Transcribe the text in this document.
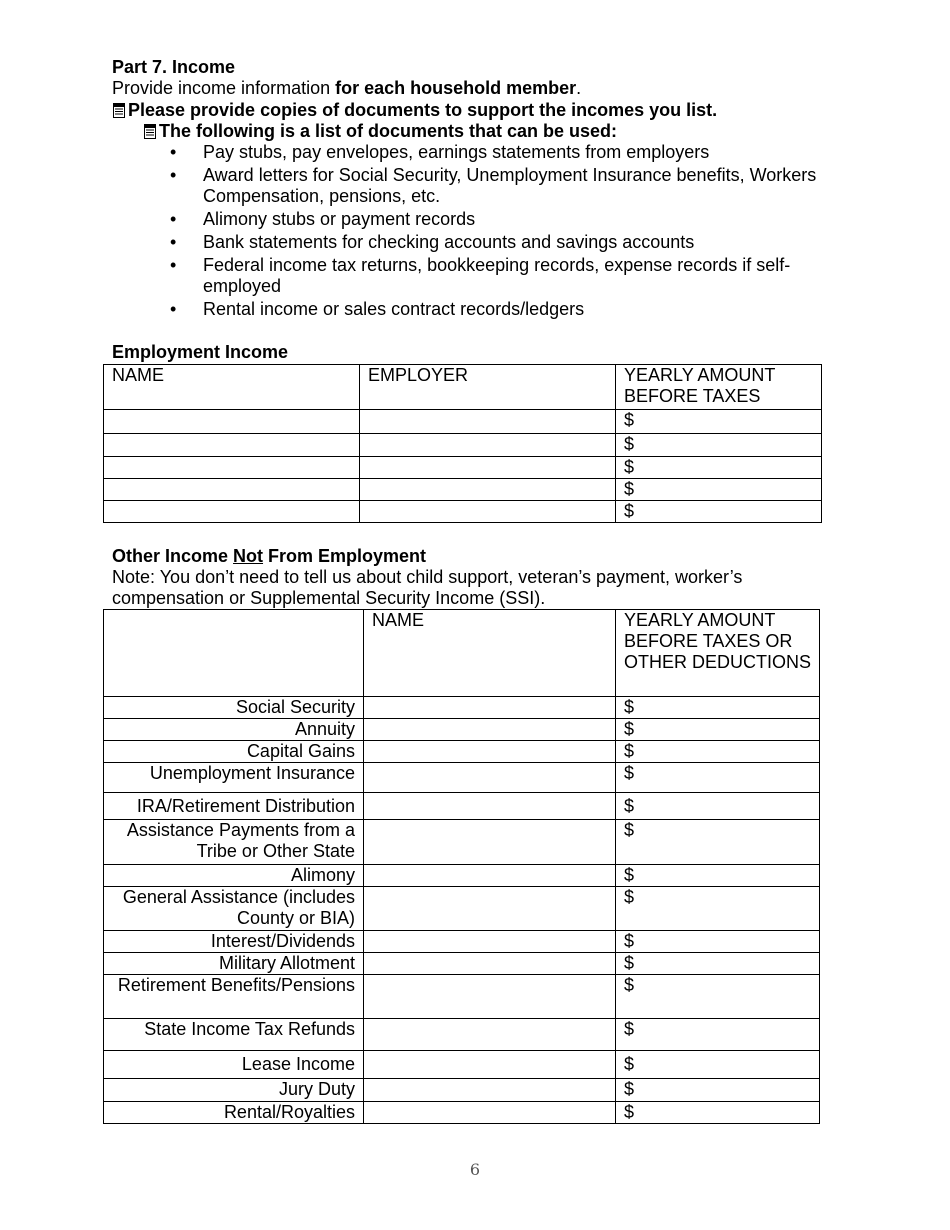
Part 7. Income
Provide income information for each household member.
Please provide copies of documents to support the incomes you list.
The following is a list of documents that can be used:
• Pay stubs, pay envelopes, earnings statements from employers
• Award letters for Social Security, Unemployment Insurance benefits, Workers Compensation, pensions, etc.
• Alimony stubs or payment records
• Bank statements for checking accounts and savings accounts
• Federal income tax returns, bookkeeping records, expense records if self-employed
• Rental income or sales contract records/ledgers
Employment Income
NAME	EMPLOYER	YEARLY AMOUNT BEFORE TAXES
		$
		$
		$
		$
		$
Other Income Not From Employment
Note: You don’t need to tell us about child support, veteran’s payment, worker’s
compensation or Supplemental Security Income (SSI).
	NAME	YEARLY AMOUNT BEFORE TAXES OR OTHER DEDUCTIONS
Social Security		$
Annuity		$
Capital Gains		$
Unemployment Insurance		$
IRA/Retirement Distribution		$
Assistance Payments from a Tribe or Other State		$
Alimony		$
General Assistance (includes County or BIA)		$
Interest/Dividends		$
Military Allotment		$
Retirement Benefits/Pensions		$
State Income Tax Refunds		$
Lease Income		$
Jury Duty		$
Rental/Royalties		$
6
